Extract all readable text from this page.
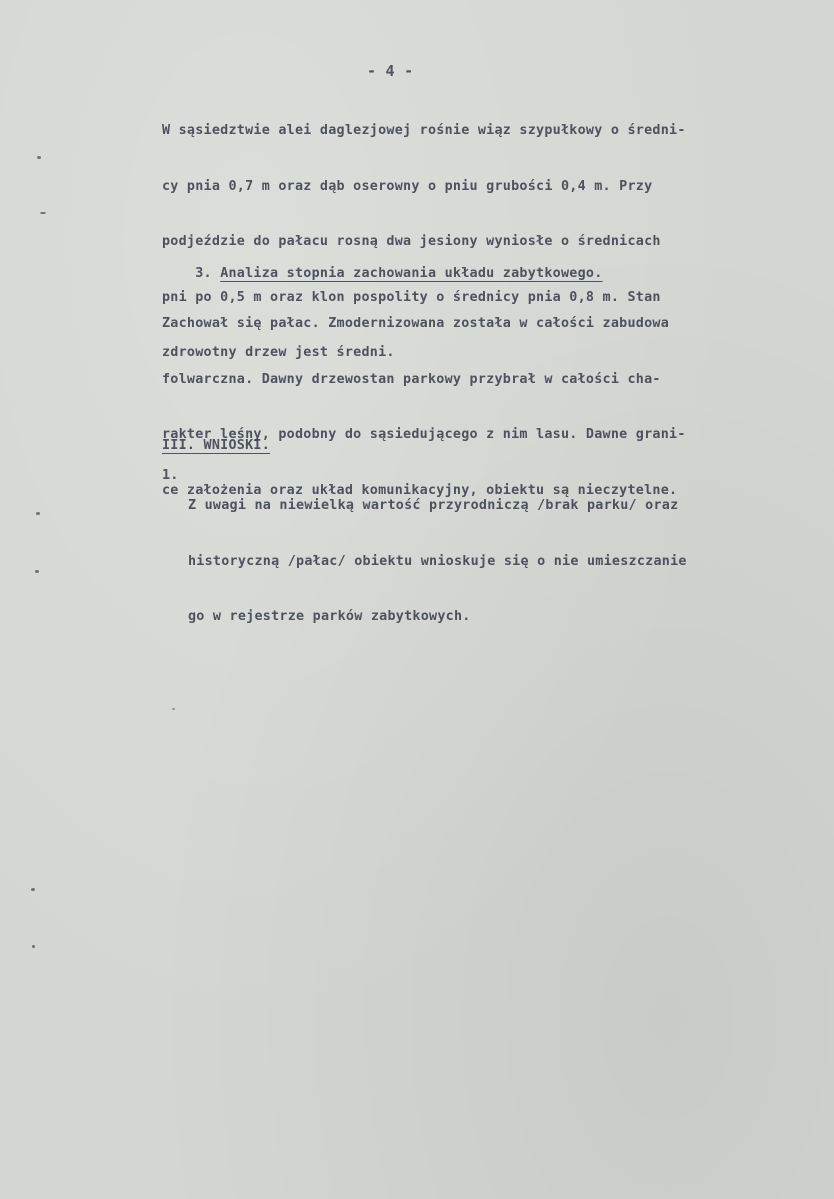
- 4 -

W sąsiedztwie alei daglezjowej rośnie wiąz szypułkowy o średni-

cy pnia 0,7 m oraz dąb oserowny o pniu grubości 0,4 m. Przy

podjeździe do pałacu rosną dwa jesiony wyniosłe o średnicach

pni po 0,5 m oraz klon pospolity o średnicy pnia 0,8 m. Stan

zdrowotny drzew jest średni.

3. Analiza stopnia zachowania układu zabytkowego.

Zachował się pałac. Zmodernizowana została w całości zabudowa

folwarczna. Dawny drzewostan parkowy przybrał w całości cha-

rakter leśny, podobny do sąsiedującego z nim lasu. Dawne grani-

ce założenia oraz układ komunikacyjny, obiektu są nieczytelne.

III. WNIOSKI.

1.

Z uwagi na niewielką wartość przyrodniczą /brak parku/ oraz

historyczną /pałac/ obiektu wnioskuje się o nie umieszczanie

go w rejestrze parków zabytkowych.
